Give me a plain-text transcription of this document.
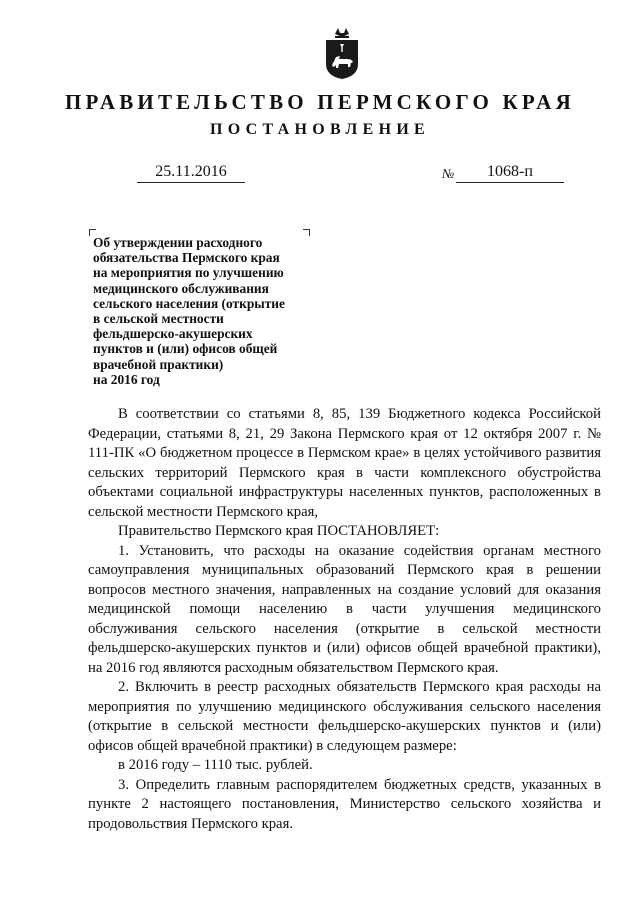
ПРАВИТЕЛЬСТВО ПЕРМСКОГО КРАЯ
ПОСТАНОВЛЕНИЕ
25.11.2016	№	1068-п
Об утверждении расходного
обязательства Пермского края
на мероприятия по улучшению
медицинского обслуживания
сельского населения (открытие
в сельской местности
фельдшерско-акушерских
пунктов и (или) офисов общей
врачебной практики)
на 2016 год

В соответствии со статьями 8, 85, 139 Бюджетного кодекса Российской Федерации, статьями 8, 21, 29 Закона Пермского края от 12 октября 2007 г. № 111-ПК «О бюджетном процессе в Пермском крае» в целях устойчивого развития сельских территорий Пермского края в части комплексного обустройства объектами социальной инфраструктуры населенных пунктов, расположенных в сельской местности Пермского края,

Правительство Пермского края ПОСТАНОВЛЯЕТ:

1. Установить, что расходы на оказание содействия органам местного самоуправления муниципальных образований Пермского края в решении вопросов местного значения, направленных на создание условий для оказания медицинской помощи населению в части улучшения медицинского обслуживания сельского населения (открытие в сельской местности фельдшерско-акушерских пунктов и (или) офисов общей врачебной практики), на 2016 год являются расходным обязательством Пермского края.

2. Включить в реестр расходных обязательств Пермского края расходы на мероприятия по улучшению медицинского обслуживания сельского населения (открытие в сельской местности фельдшерско-акушерских пунктов и (или) офисов общей врачебной практики) в следующем размере:

в 2016 году – 1110 тыс. рублей.

3. Определить главным распорядителем бюджетных средств, указанных в пункте 2 настоящего постановления, Министерство сельского хозяйства и продовольствия Пермского края.
